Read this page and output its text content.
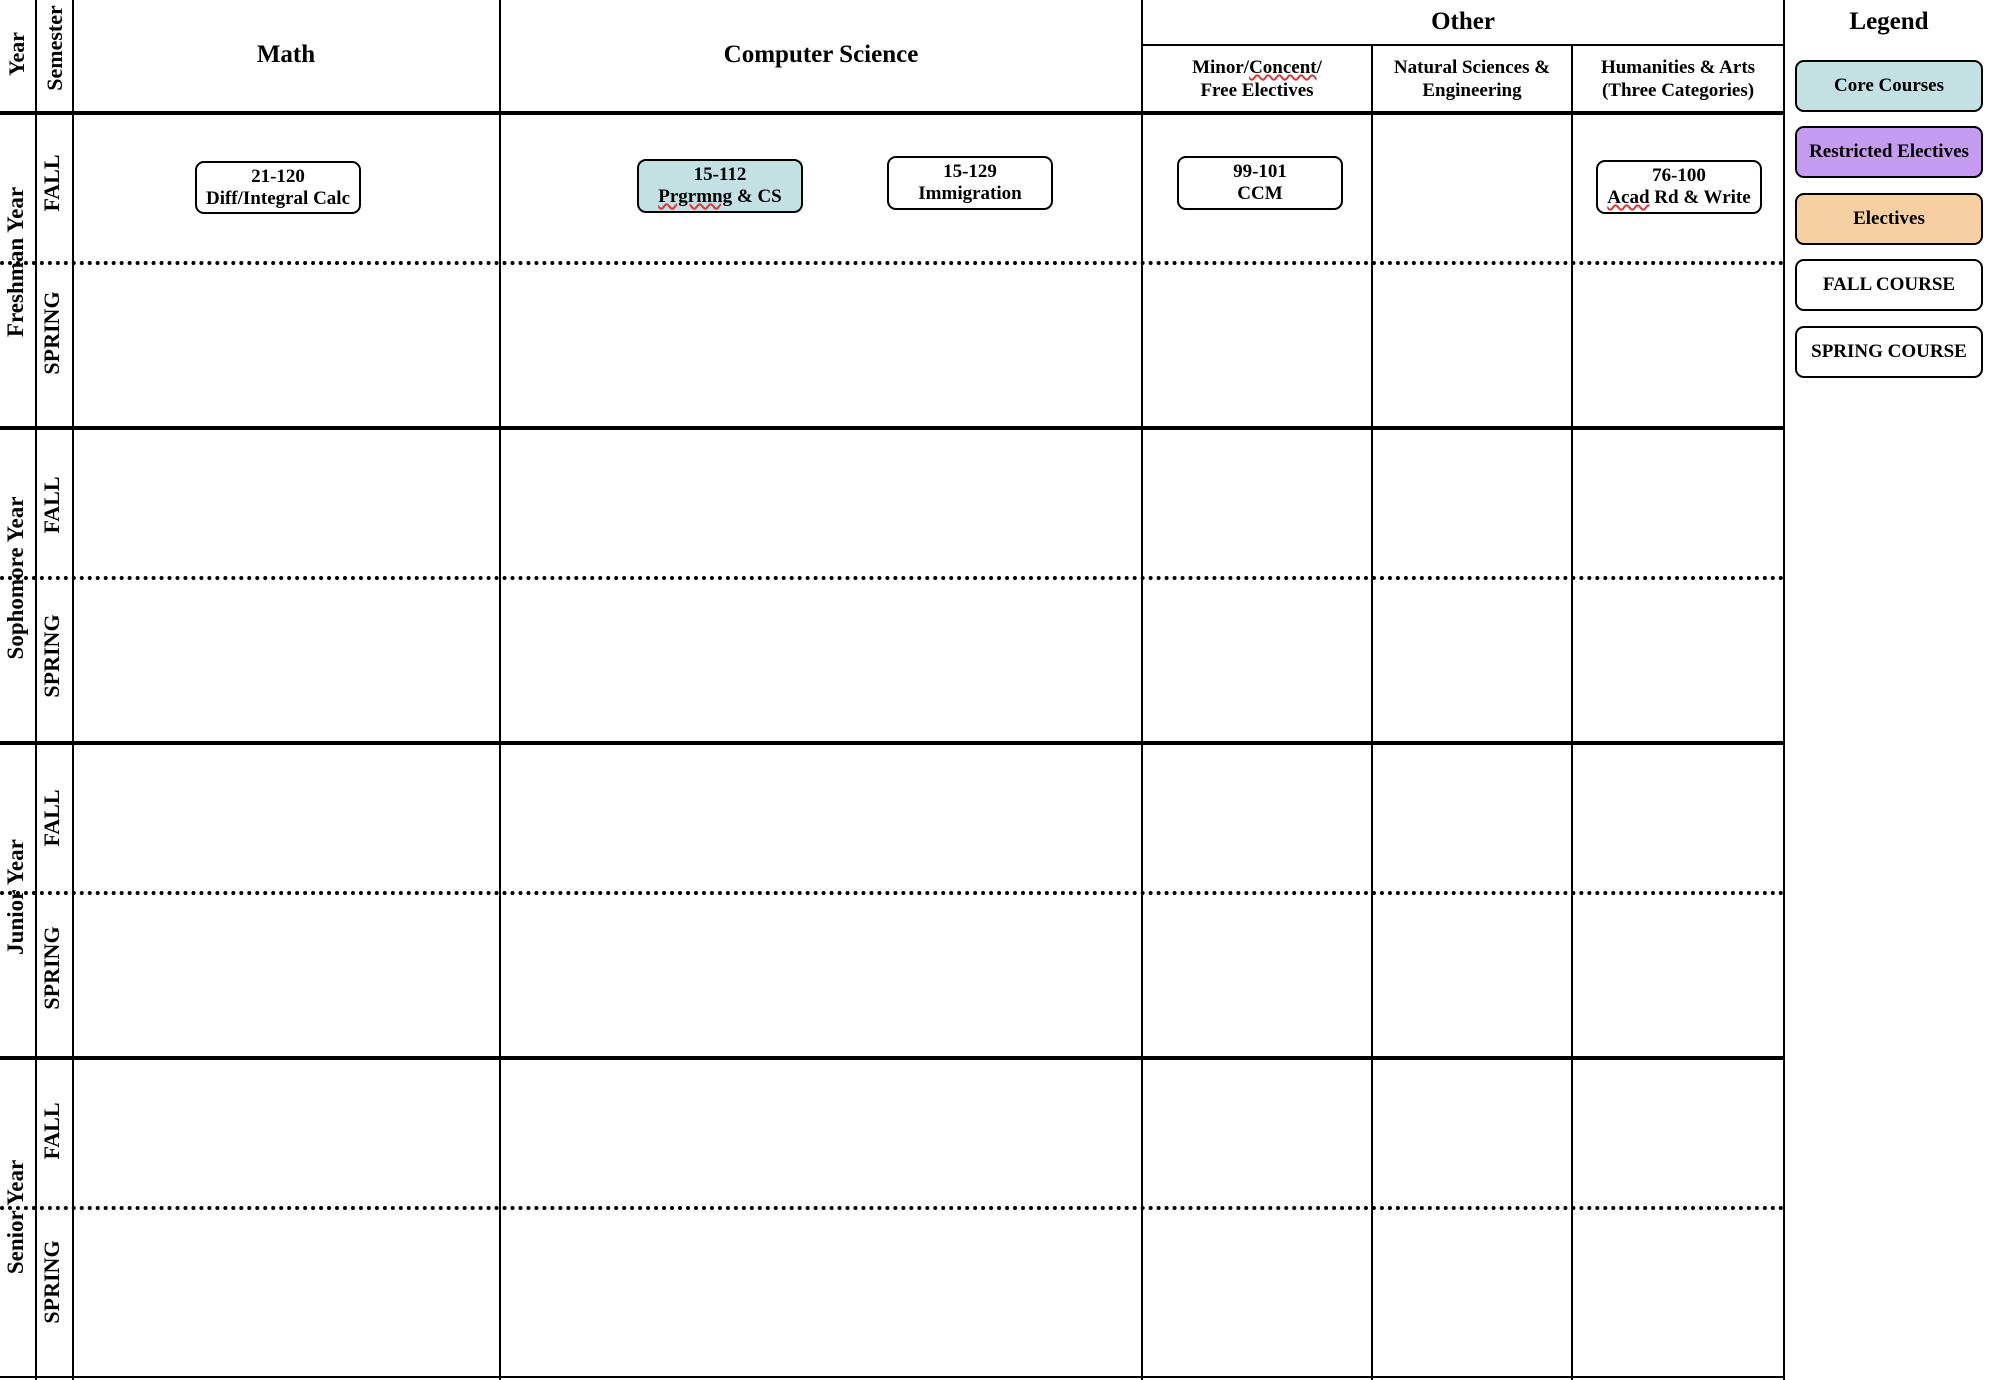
Year Semester	Math	Computer Science
Other
Minor/Concent/
Free Electives
Natural Sciences &
Engineering
Humanities & Arts
(Three Categories)
Freshman Year
FALL
SPRING
Sophomore Year FALL
SPRING
Junior Year
FALL
SPRING
Senior Year
FALL
SPRING
21-120
Diff/Integral Calc
15-112
Prgrmng & CS
15-129
Immigration
99-101
CCM
76-100
Acad Rd & Write
Legend
Core Courses
Restricted Electives
Electives
FALL COURSE
SPRING COURSE
